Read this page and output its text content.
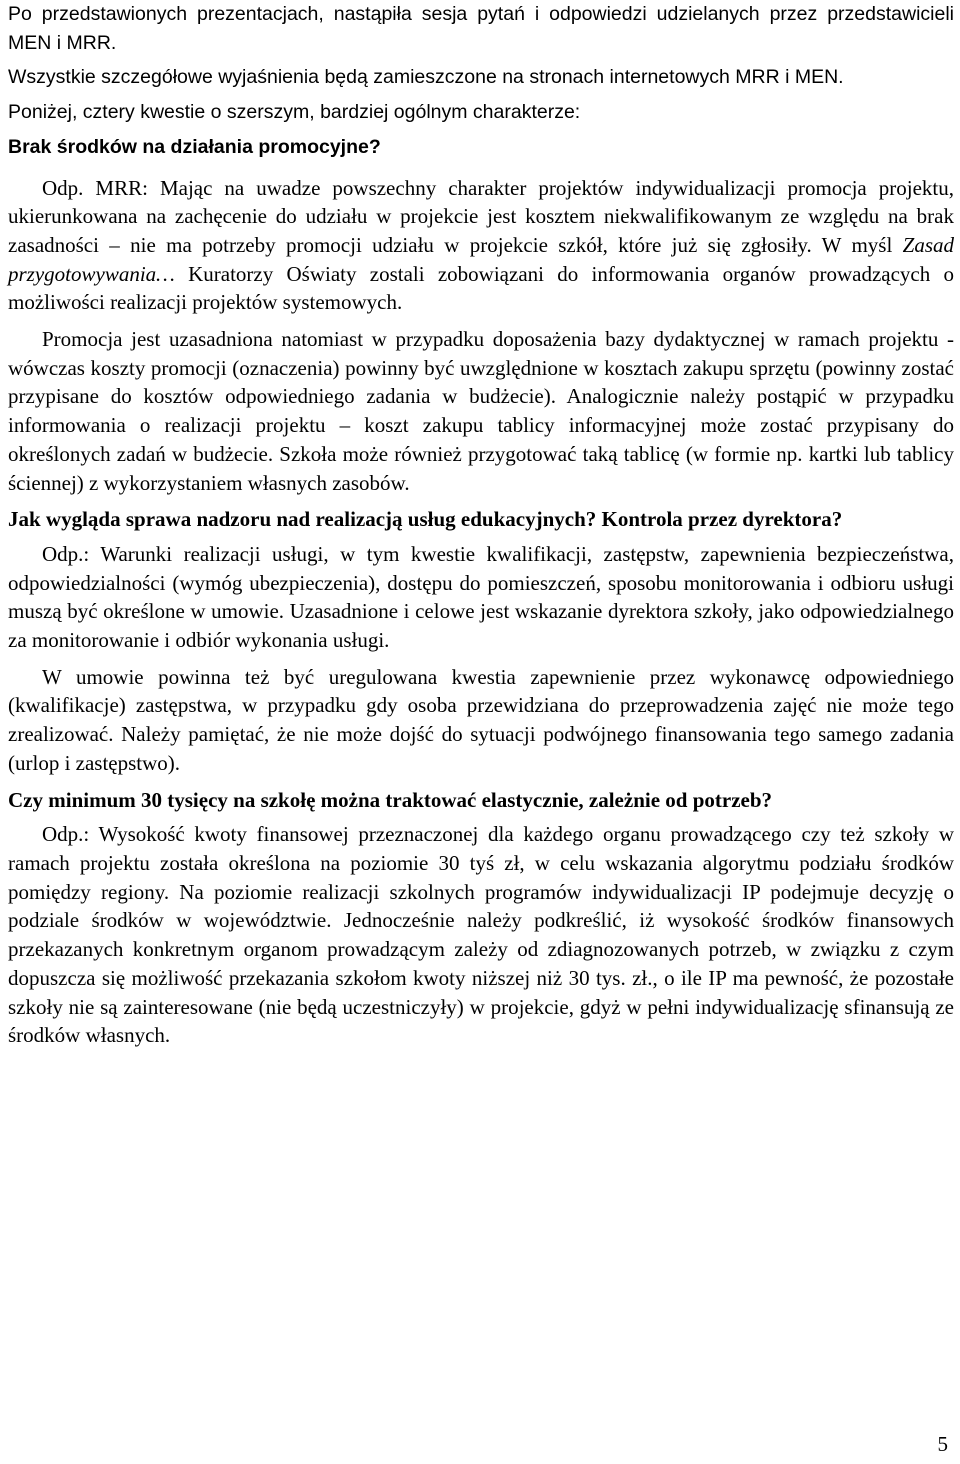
Po przedstawionych prezentacjach, nastąpiła sesja pytań i odpowiedzi udzielanych przez przedstawicieli MEN i MRR.

Wszystkie szczegółowe wyjaśnienia będą zamieszczone na stronach internetowych MRR i MEN.

Poniżej, cztery kwestie o szerszym, bardziej ogólnym charakterze:

Brak środków na działania promocyjne?

Odp. MRR: Mając na uwadze powszechny charakter projektów indywidualizacji promocja projektu, ukierunkowana na zachęcenie do udziału w projekcie jest kosztem niekwalifikowanym ze względu na brak zasadności – nie ma potrzeby promocji udziału w projekcie szkół, które już się zgłosiły. W myśl Zasad przygotowywania… Kuratorzy Oświaty zostali zobowiązani do informowania organów prowadzących o możliwości realizacji projektów systemowych.

Promocja jest uzasadniona natomiast w przypadku doposażenia bazy dydaktycznej w ramach projektu - wówczas koszty promocji (oznaczenia) powinny być uwzględnione w kosztach zakupu sprzętu (powinny zostać przypisane do kosztów odpowiedniego zadania w budżecie). Analogicznie należy postąpić w przypadku informowania o realizacji projektu – koszt zakupu tablicy informacyjnej może zostać przypisany do określonych zadań w budżecie. Szkoła może również przygotować taką tablicę (w formie np. kartki lub tablicy ściennej) z wykorzystaniem własnych zasobów.

Jak wygląda sprawa nadzoru nad realizacją usług edukacyjnych? Kontrola przez dyrektora?

Odp.: Warunki realizacji usługi, w tym kwestie kwalifikacji, zastępstw, zapewnienia bezpieczeństwa, odpowiedzialności (wymóg ubezpieczenia), dostępu do pomieszczeń, sposobu monitorowania i odbioru usługi muszą być określone w umowie. Uzasadnione i celowe jest wskazanie dyrektora szkoły, jako odpowiedzialnego za monitorowanie i odbiór wykonania usługi.

W umowie powinna też być uregulowana kwestia zapewnienie przez wykonawcę odpowiedniego (kwalifikacje) zastępstwa, w przypadku gdy osoba przewidziana do przeprowadzenia zajęć nie może tego zrealizować. Należy pamiętać, że nie może dojść do sytuacji podwójnego finansowania tego samego zadania (urlop i zastępstwo).

Czy minimum 30 tysięcy na szkołę można traktować elastycznie, zależnie od potrzeb?

Odp.: Wysokość kwoty finansowej przeznaczonej dla każdego organu prowadzącego czy też szkoły w ramach projektu została określona na poziomie 30 tyś zł, w celu wskazania algorytmu podziału środków pomiędzy regiony. Na poziomie realizacji szkolnych programów indywidualizacji IP podejmuje decyzję o podziale środków w województwie. Jednocześnie należy podkreślić, iż wysokość środków finansowych przekazanych konkretnym organom prowadzącym zależy od zdiagnozowanych potrzeb, w związku z czym dopuszcza się możliwość przekazania szkołom kwoty niższej niż 30 tys. zł., o ile IP ma pewność, że pozostałe szkoły nie są zainteresowane (nie będą uczestniczyły) w projekcie, gdyż w pełni indywidualizację sfinansują ze środków własnych.

5
